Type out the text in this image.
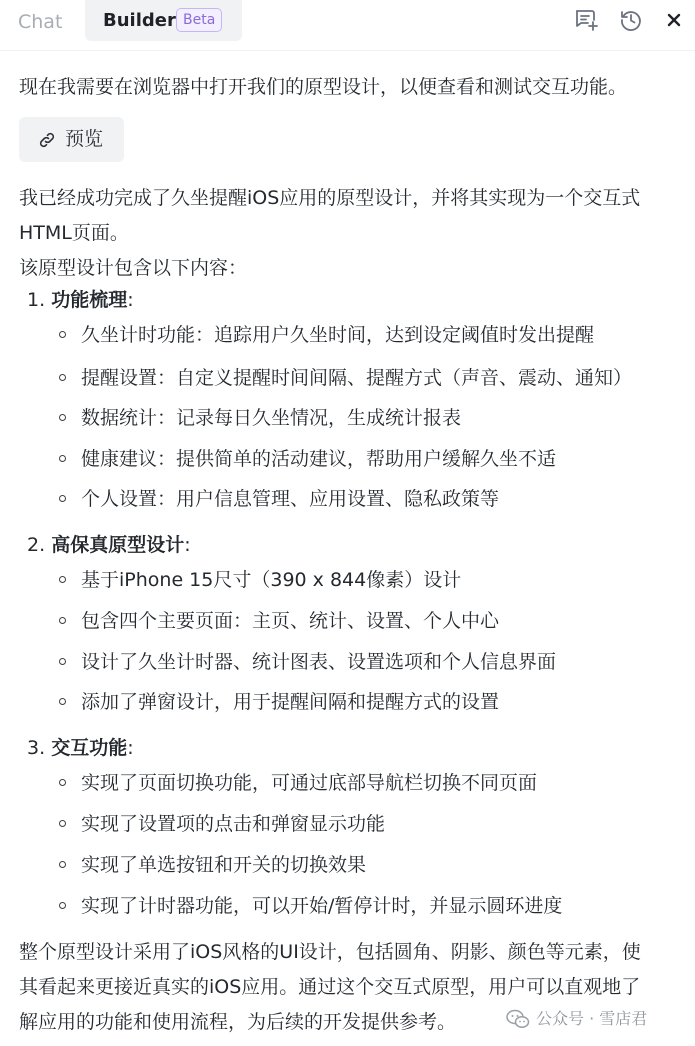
Chat Builder Beta
现在我需要在浏览器中打开我们的原型设计，以便查看和测试交互功能。
预览
我已经成功完成了久坐提醒iOS应用的原型设计，并将其实现为一个交互式
HTML页面。
该原型设计包含以下内容：
1. 功能梳理:
久坐计时功能：追踪用户久坐时间，达到设定阈值时发出提醒
提醒设置：自定义提醒时间间隔、提醒方式（声音、震动、通知）
数据统计：记录每日久坐情况，生成统计报表
健康建议：提供简单的活动建议，帮助用户缓解久坐不适
个人设置：用户信息管理、应用设置、隐私政策等
2. 高保真原型设计:
基于iPhone 15尺寸（390 x 844像素）设计
包含四个主要页面：主页、统计、设置、个人中心
设计了久坐计时器、统计图表、设置选项和个人信息界面
添加了弹窗设计，用于提醒间隔和提醒方式的设置
3. 交互功能:
实现了页面切换功能，可通过底部导航栏切换不同页面
实现了设置项的点击和弹窗显示功能
实现了单选按钮和开关的切换效果
实现了计时器功能，可以开始/暂停计时，并显示圆环进度
整个原型设计采用了iOS风格的UI设计，包括圆角、阴影、颜色等元素，使
其看起来更接近真实的iOS应用。通过这个交互式原型，用户可以直观地了
解应用的功能和使用流程，为后续的开发提供参考。	公众号 · 雪店君
